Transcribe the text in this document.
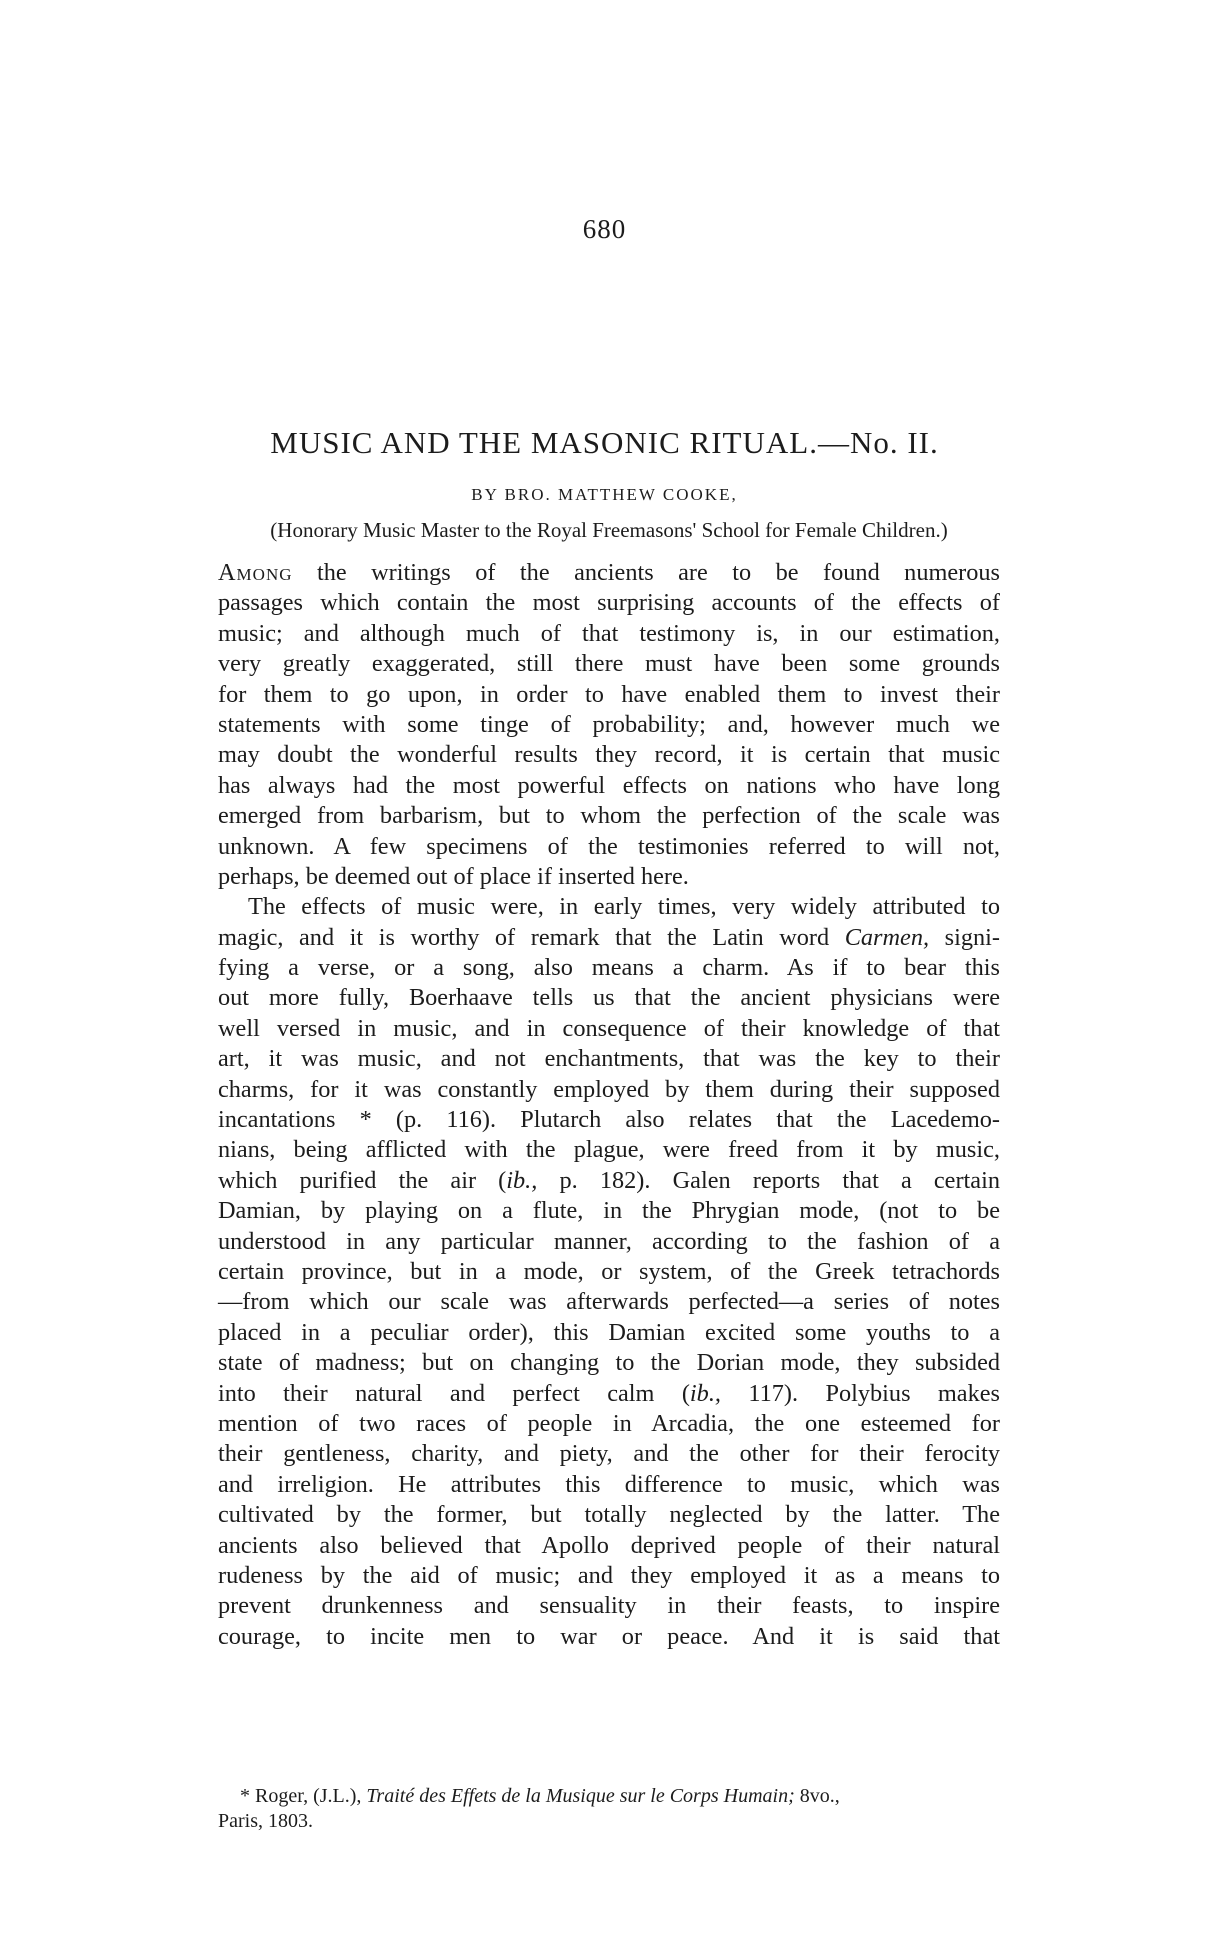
680
MUSIC AND THE MASONIC RITUAL.—No. II.
BY BRO. MATTHEW COOKE,
(Honorary Music Master to the Royal Freemasons' School for Female Children.)
Among the writings of the ancients are to be found numerous
passages which contain the most surprising accounts of the effects of
music; and although much of that testimony is, in our estimation,
very greatly exaggerated, still there must have been some grounds
for them to go upon, in order to have enabled them to invest their
statements with some tinge of probability; and, however much we
may doubt the wonderful results they record, it is certain that music
has always had the most powerful effects on nations who have long
emerged from barbarism, but to whom the perfection of the scale was
unknown. A few specimens of the testimonies referred to will not,
perhaps, be deemed out of place if inserted here.
The effects of music were, in early times, very widely attributed to
magic, and it is worthy of remark that the Latin word Carmen, signi-
fying a verse, or a song, also means a charm. As if to bear this
out more fully, Boerhaave tells us that the ancient physicians were
well versed in music, and in consequence of their knowledge of that
art, it was music, and not enchantments, that was the key to their
charms, for it was constantly employed by them during their supposed
incantations * (p. 116). Plutarch also relates that the Lacedemo-
nians, being afflicted with the plague, were freed from it by music,
which purified the air (ib., p. 182). Galen reports that a certain
Damian, by playing on a flute, in the Phrygian mode, (not to be
understood in any particular manner, according to the fashion of a
certain province, but in a mode, or system, of the Greek tetrachords
—from which our scale was afterwards perfected—a series of notes
placed in a peculiar order), this Damian excited some youths to a
state of madness; but on changing to the Dorian mode, they subsided
into their natural and perfect calm (ib., 117). Polybius makes
mention of two races of people in Arcadia, the one esteemed for
their gentleness, charity, and piety, and the other for their ferocity
and irreligion. He attributes this difference to music, which was
cultivated by the former, but totally neglected by the latter. The
ancients also believed that Apollo deprived people of their natural
rudeness by the aid of music; and they employed it as a means to
prevent drunkenness and sensuality in their feasts, to inspire
courage, to incite men to war or peace. And it is said that
* Roger, (J.L.), Traité des Effets de la Musique sur le Corps Humain; 8vo.,
Paris, 1803.
